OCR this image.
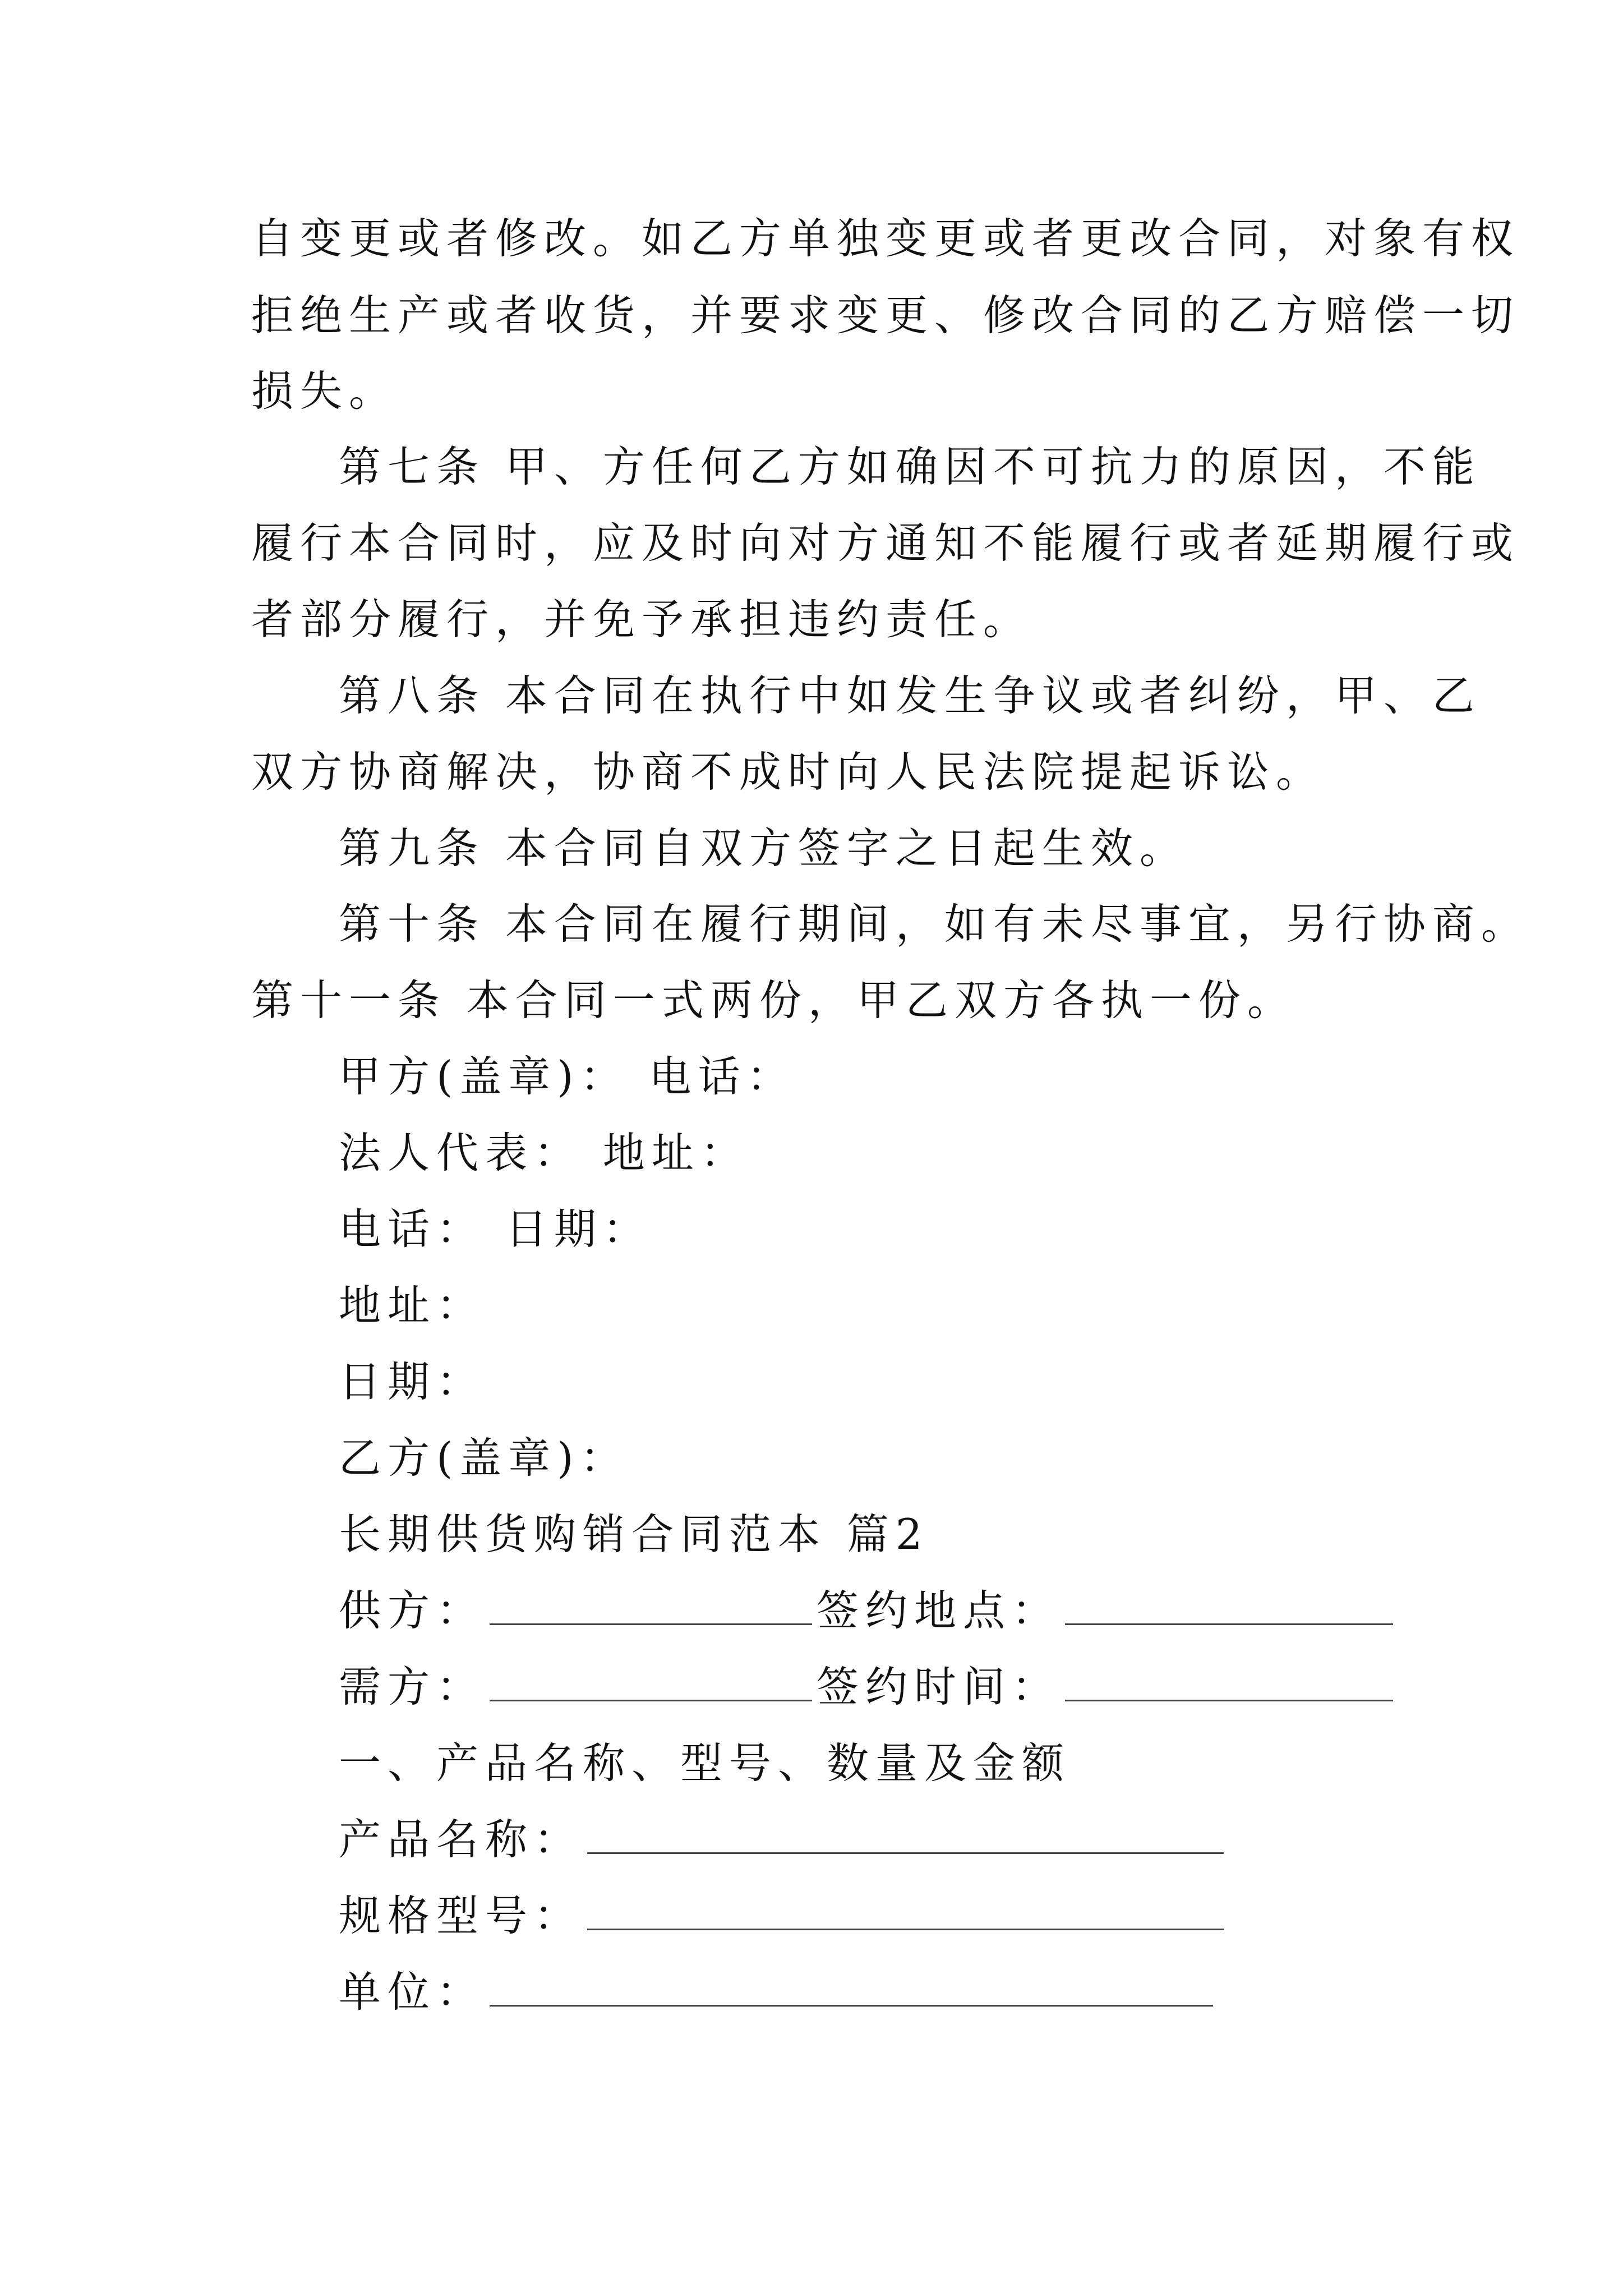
自变更或者修改。如乙方单独变更或者更改合同，对象有权
拒绝生产或者收货，并要求变更、修改合同的乙方赔偿一切
损失。
第七条 甲、方任何乙方如确因不可抗力的原因，不能
履行本合同时，应及时向对方通知不能履行或者延期履行或
者部分履行，并免予承担违约责任。
第八条 本合同在执行中如发生争议或者纠纷，甲、乙
双方协商解决，协商不成时向人民法院提起诉讼。
第九条 本合同自双方签字之日起生效。
第十条 本合同在履行期间，如有未尽事宜，另行协商。
第十一条 本合同一式两份，甲乙双方各执一份。
甲方(盖章)： 电话：
法人代表： 地址：
电话： 日期：
地址：
日期：
乙方(盖章)：
长期供货购销合同范本 篇2
供方：	签约地点：
需方：	签约时间：
一、产品名称、型号、数量及金额
产品名称：
规格型号：
单位：
